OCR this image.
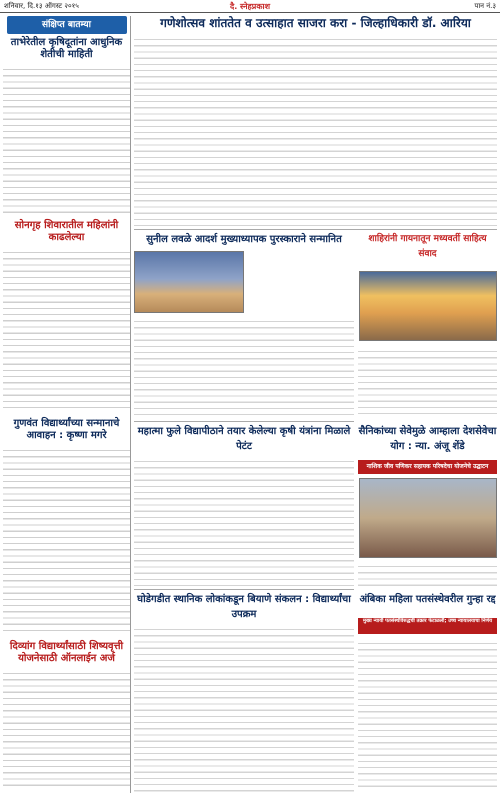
शनिवार, दि.१३ ऑगस्ट २०१५	दै. स्नेहप्रकाश	पान नं.३
संक्षिप्त बातम्या
ताभेरेतील कृषिदूतांना आधुनिक शेतीची माहिती
सोनगृह शिवारातील महिलांनी काढलेल्या
गुणवंत विद्यार्थ्यांच्या सन्मानाचे आवाहन : कृष्णा मगरे
दिव्यांग विद्यार्थ्यांसाठी शिष्यवृत्ती योजनेसाठी ऑनलाईन अर्ज
गणेशोत्सव शांततेत व उत्साहात साजरा करा - जिल्हाधिकारी डॉ. आरिया
सुनील लवळे आदर्श मुख्याध्यापक पुरस्काराने सन्मानित	शाहिरांनी गायनातून मध्यवर्ती साहित्य संवाद
महात्मा फुले विद्यापीठाने तयार केलेल्या कृषी यंत्रांना मिळाले पेटंट
सैनिकांच्या सेवेमुळे आम्हाला देशसेवेचा योग : न्या. अंजू शेंडे
नाशिक जीव पणिकर सहायक परिषदेचा योजनेचे उद्घाटन
घोडेगडीत स्थानिक लोकांकडून बियाणे संकलन : विद्यार्थ्यांचा उपक्रम
अंबिका महिला पतसंस्थेवरील गुन्हा रद्द
मुख्य न्यायी पतसंस्थेविरुद्धची तक्रार फेटाळली; उच्च न्यायालयाचा निर्णय
